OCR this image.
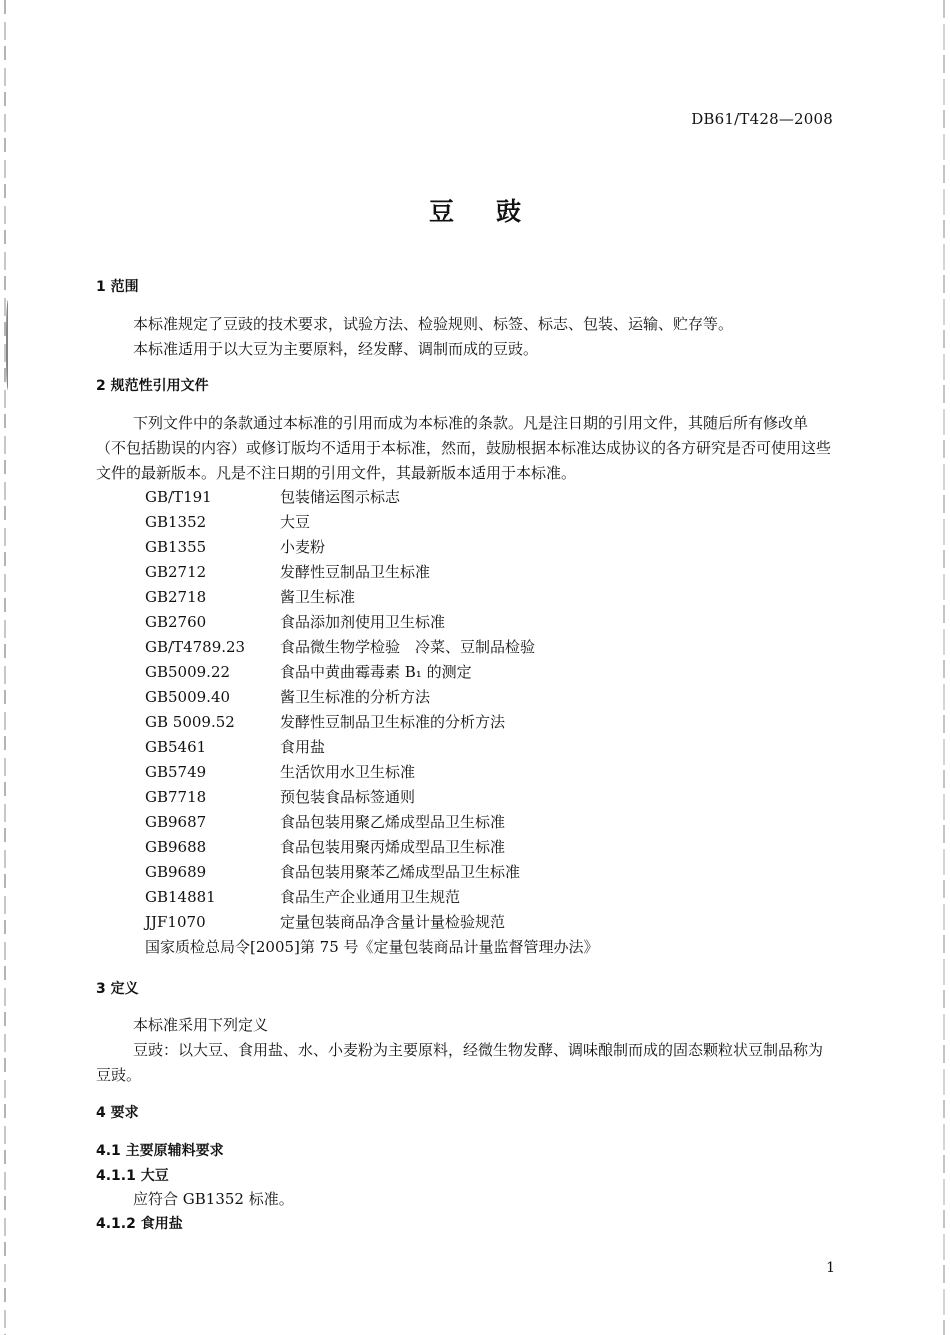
DB61/T428—2008
豆 豉
1 范围

本标准规定了豆豉的技术要求，试验方法、检验规则、标签、标志、包装、运输、贮存等。

本标准适用于以大豆为主要原料，经发酵、调制而成的豆豉。

2 规范性引用文件

下列文件中的条款通过本标准的引用而成为本标准的条款。凡是注日期的引用文件，其随后所有修改单（不包括勘误的内容）或修订版均不适用于本标准，然而，鼓励根据本标准达成协议的各方研究是否可使用这些文件的最新版本。凡是不注日期的引用文件，其最新版本适用于本标准。

GB/T191	包装储运图示标志
GB1352	大豆
GB1355	小麦粉
GB2712	发酵性豆制品卫生标准
GB2718	酱卫生标准
GB2760	食品添加剂使用卫生标准
GB/T4789.23 食品微生物学检验　冷菜、豆制品检验
GB5009.22	食品中黄曲霉毒素 B₁ 的测定
GB5009.40	酱卫生标准的分析方法
GB 5009.52	发酵性豆制品卫生标准的分析方法
GB5461	食用盐
GB5749	生活饮用水卫生标准
GB7718	预包装食品标签通则
GB9687	食品包装用聚乙烯成型品卫生标准
GB9688	食品包装用聚丙烯成型品卫生标准
GB9689	食品包装用聚苯乙烯成型品卫生标准
GB14881	食品生产企业通用卫生规范
JJF1070	定量包装商品净含量计量检验规范
国家质检总局令[2005]第 75 号《定量包装商品计量监督管理办法》
3 定义

本标准采用下列定义

豆豉：以大豆、食用盐、水、小麦粉为主要原料，经微生物发酵、调味酿制而成的固态颗粒状豆制品称为豆豉。

4 要求
4.1 主要原辅料要求
4.1.1 大豆

应符合 GB1352 标准。

4.1.2 食用盐
1
